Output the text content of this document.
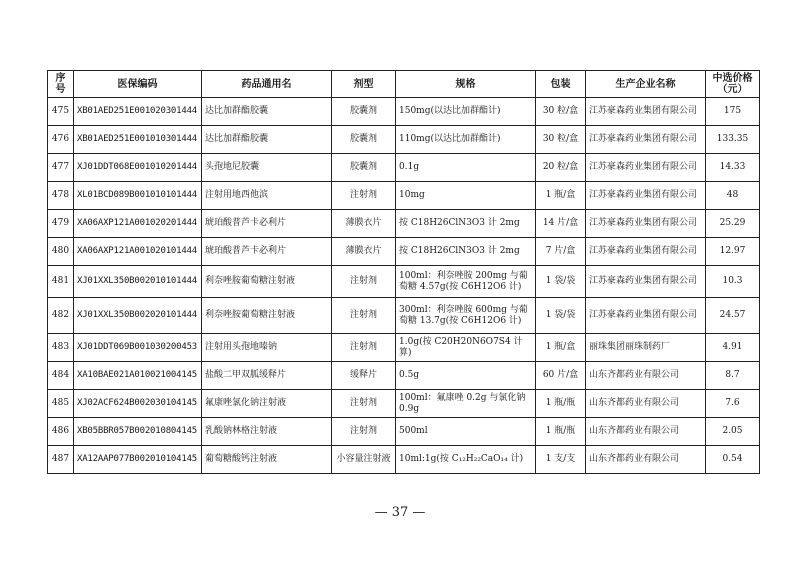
序号	医保编码	药品通用名	剂型	规格	包装	生产企业名称	中选价格（元）
475	XB01AED251E001020301444	达比加群酯胶囊	胶囊剂	150mg(以达比加群酯计)	30 粒/盒	江苏豪森药业集团有限公司	175
476	XB01AED251E001010301444	达比加群酯胶囊	胶囊剂	110mg(以达比加群酯计)	30 粒/盒	江苏豪森药业集团有限公司	133.35
477	XJ01DDT068E001010201444	头孢地尼胶囊	胶囊剂	0.1g	20 粒/盒	江苏豪森药业集团有限公司	14.33
478	XL01BCD089B001010101444	注射用地西他滨	注射剂	10mg	1 瓶/盒	江苏豪森药业集团有限公司	48
479	XA06AXP121A001020201444	琥珀酸普芦卡必利片	薄膜衣片	按 C18H26ClN3O3 计 2mg	14 片/盒	江苏豪森药业集团有限公司	25.29
480	XA06AXP121A001020101444	琥珀酸普芦卡必利片	薄膜衣片	按 C18H26ClN3O3 计 2mg	7 片/盒	江苏豪森药业集团有限公司	12.97
481	XJ01XXL350B002010101444	利奈唑胺葡萄糖注射液	注射剂	100ml：利奈唑胺 200mg 与葡萄糖 4.57g(按 C6H12O6 计)	1 袋/袋	江苏豪森药业集团有限公司	10.3
482	XJ01XXL350B002020101444	利奈唑胺葡萄糖注射液	注射剂	300ml：利奈唑胺 600mg 与葡萄糖 13.7g(按 C6H12O6 计)	1 袋/袋	江苏豪森药业集团有限公司	24.57
483	XJ01DDT069B001030200453	注射用头孢地嗪钠	注射剂	1.0g(按 C20H20N6O7S4 计算)	1 瓶/盒	丽珠集团丽珠制药厂	4.91
484	XA10BAE021A010021004145	盐酸二甲双胍缓释片	缓释片	0.5g	60 片/盒	山东齐都药业有限公司	8.7
485	XJ02ACF624B002030104145	氟康唑氯化钠注射液	注射剂	100ml：氟康唑 0.2g 与氯化钠 0.9g	1 瓶/瓶	山东齐都药业有限公司	7.6
486	XB05BBR057B002010804145	乳酸钠林格注射液	注射剂	500ml	1 瓶/瓶	山东齐都药业有限公司	2.05
487	XA12AAP077B002010104145	葡萄糖酸钙注射液	小容量注射液	10ml:1g(按 C₁₂H₂₂CaO₁₄ 计)	1 支/支	山东齐都药业有限公司	0.54
— 37 —
